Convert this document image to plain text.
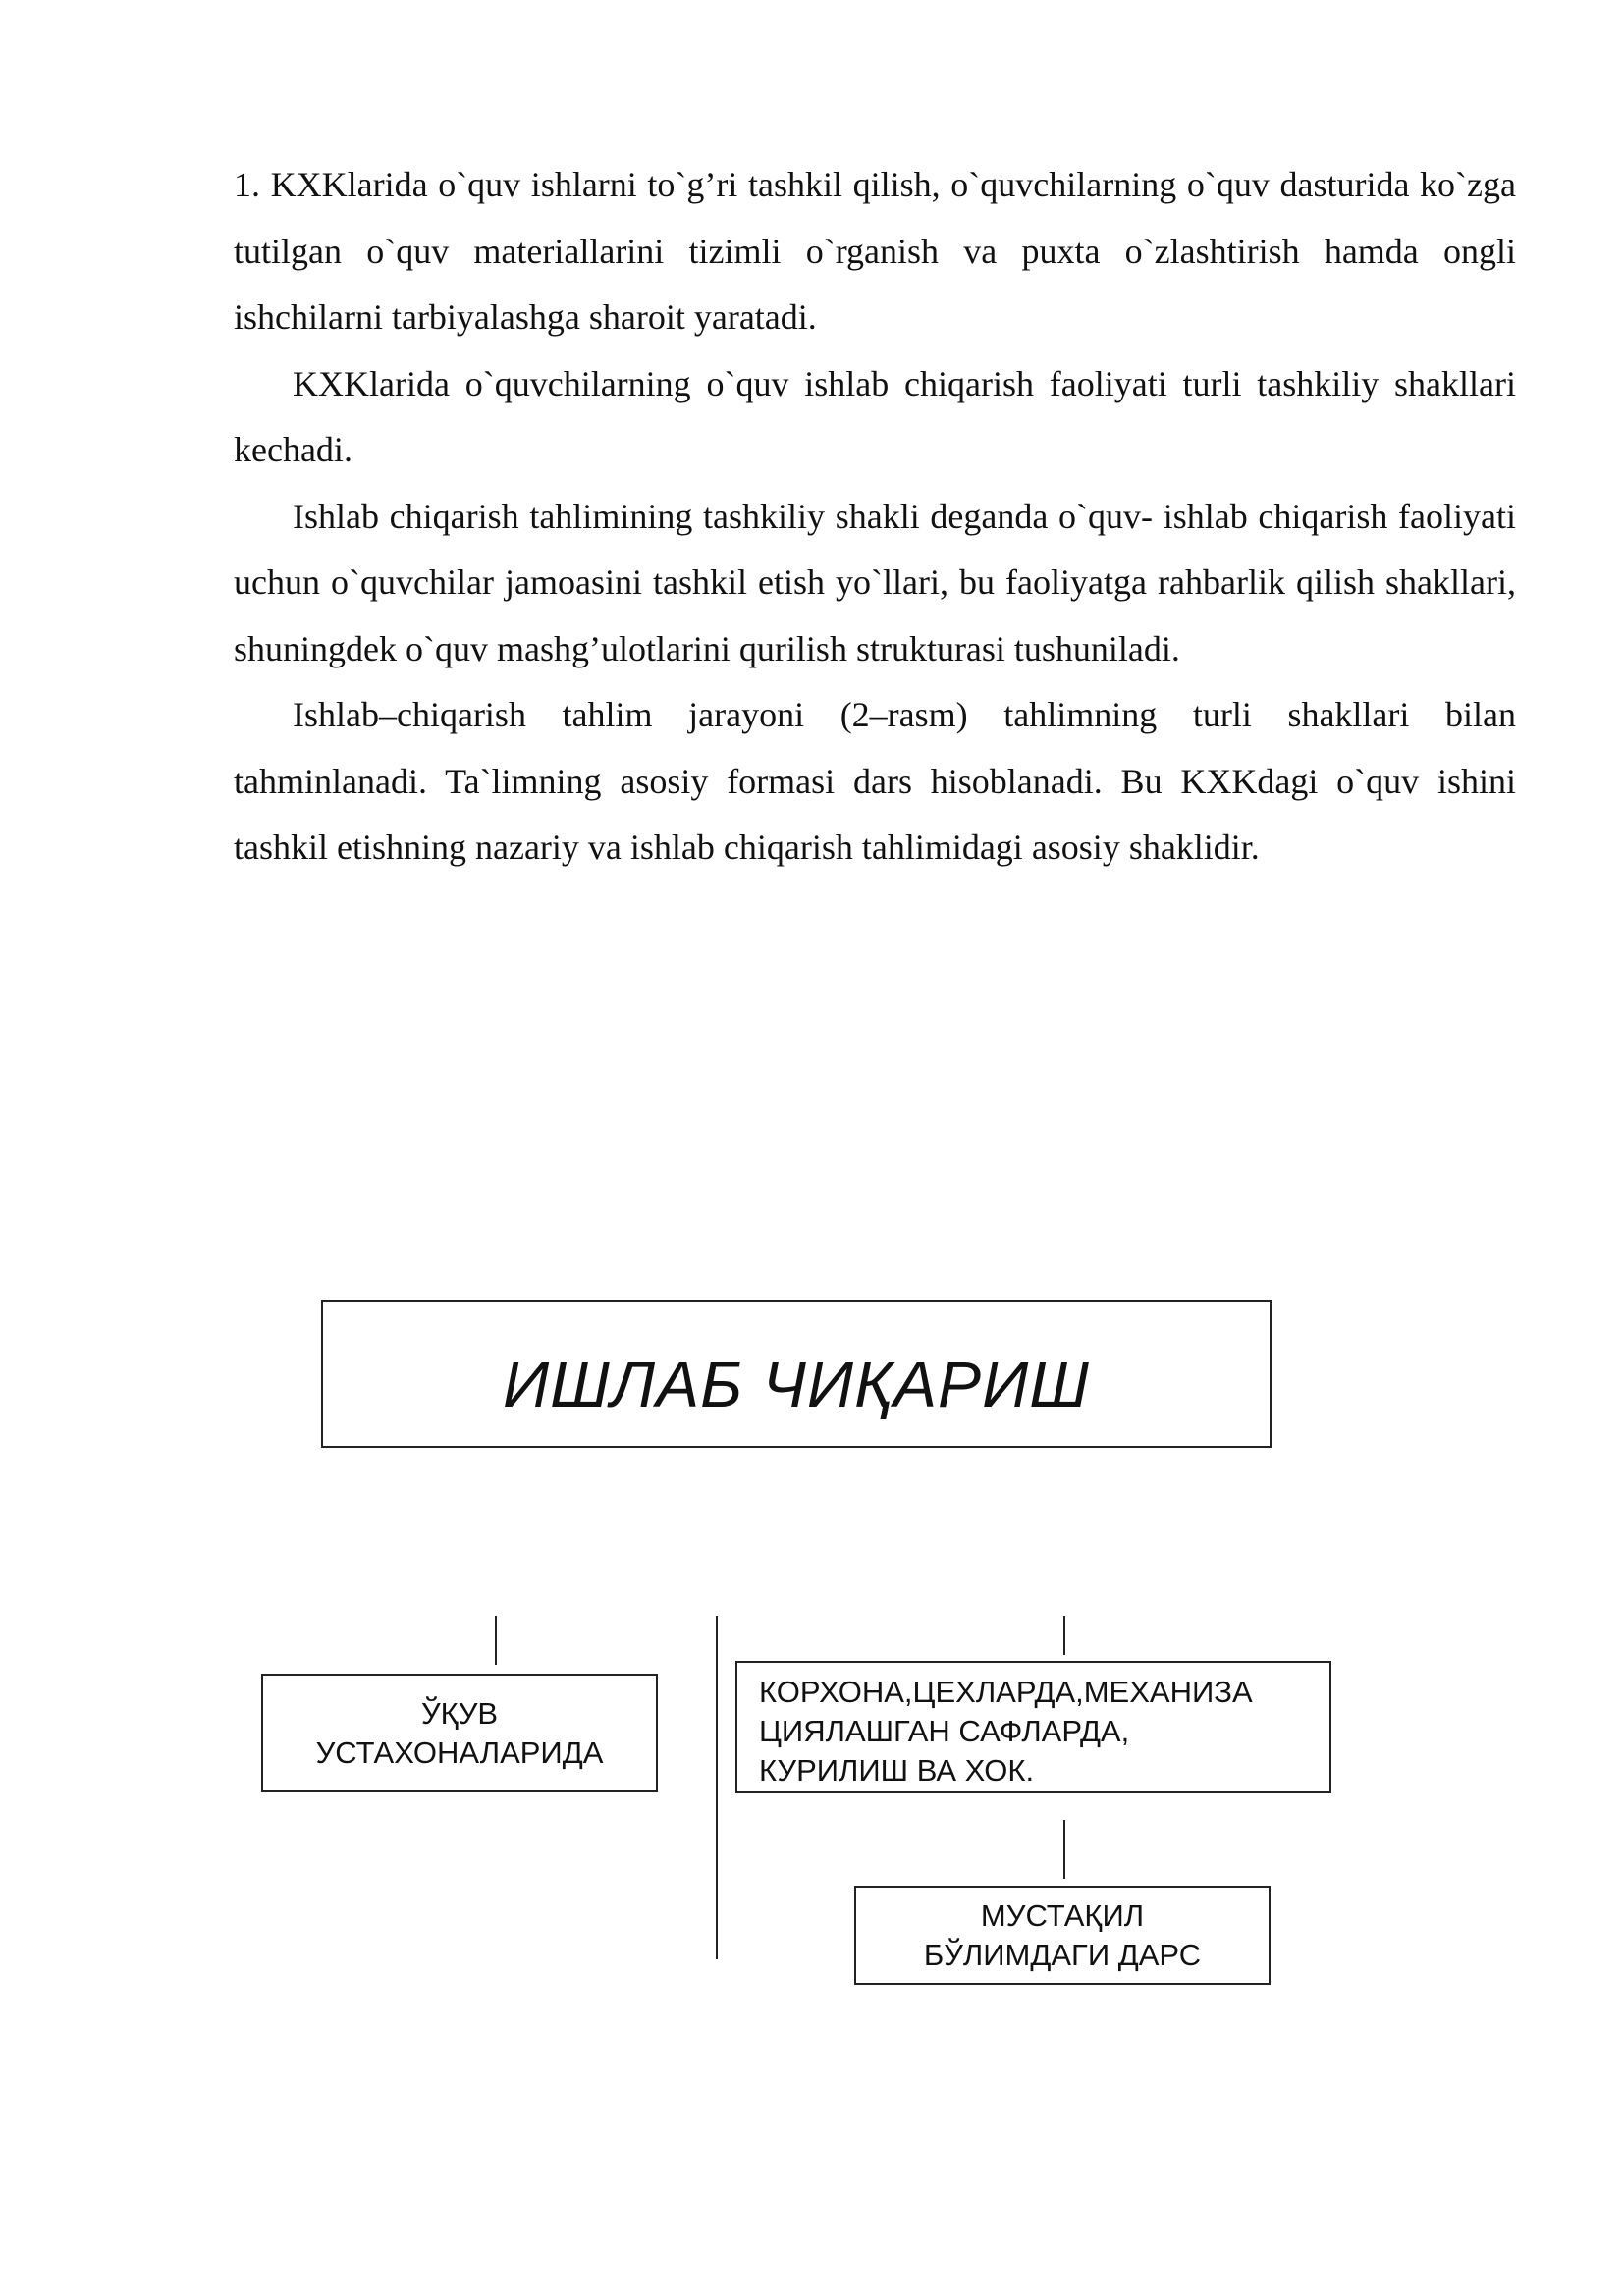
1. KXKlarida o`quv ishlarni to`g’ri tashkil qilish, o`quvchilarning o`quv dasturida ko`zga tutilgan o`quv materiallarini tizimli o`rganish va puxta o`zlashtirish hamda ongli ishchilarni tarbiyalashga sharoit yaratadi.

KXKlarida o`quvchilarning o`quv ishlab chiqarish faoliyati turli tashkiliy shakllari kechadi.

Ishlab chiqarish tahlimining tashkiliy shakli deganda o`quv- ishlab chiqarish faoliyati uchun o`quvchilar jamoasini tashkil etish yo`llari, bu faoliyatga rahbarlik qilish shakllari, shuningdek o`quv mashg’ulotlarini qurilish strukturasi tushuniladi.

Ishlab–chiqarish tahlim jarayoni (2–rasm) tahlimning turli shakllari bilan tahminlanadi. Ta`limning asosiy formasi dars hisoblanadi. Bu KXKdagi o`quv ishini tashkil etishning nazariy va ishlab chiqarish tahlimidagi asosiy shaklidir.

ИШЛАБ ЧИҚАРИШ
ЎҚУВ
УСТАХОНАЛАРИДА
КОРХОНА,ЦЕХЛАРДА,МЕХАНИЗА
ЦИЯЛАШГАН САФЛАРДА,
КУРИЛИШ ВА ХОК.
МУСТАҚИЛ
БЎЛИМДАГИ ДАРС
